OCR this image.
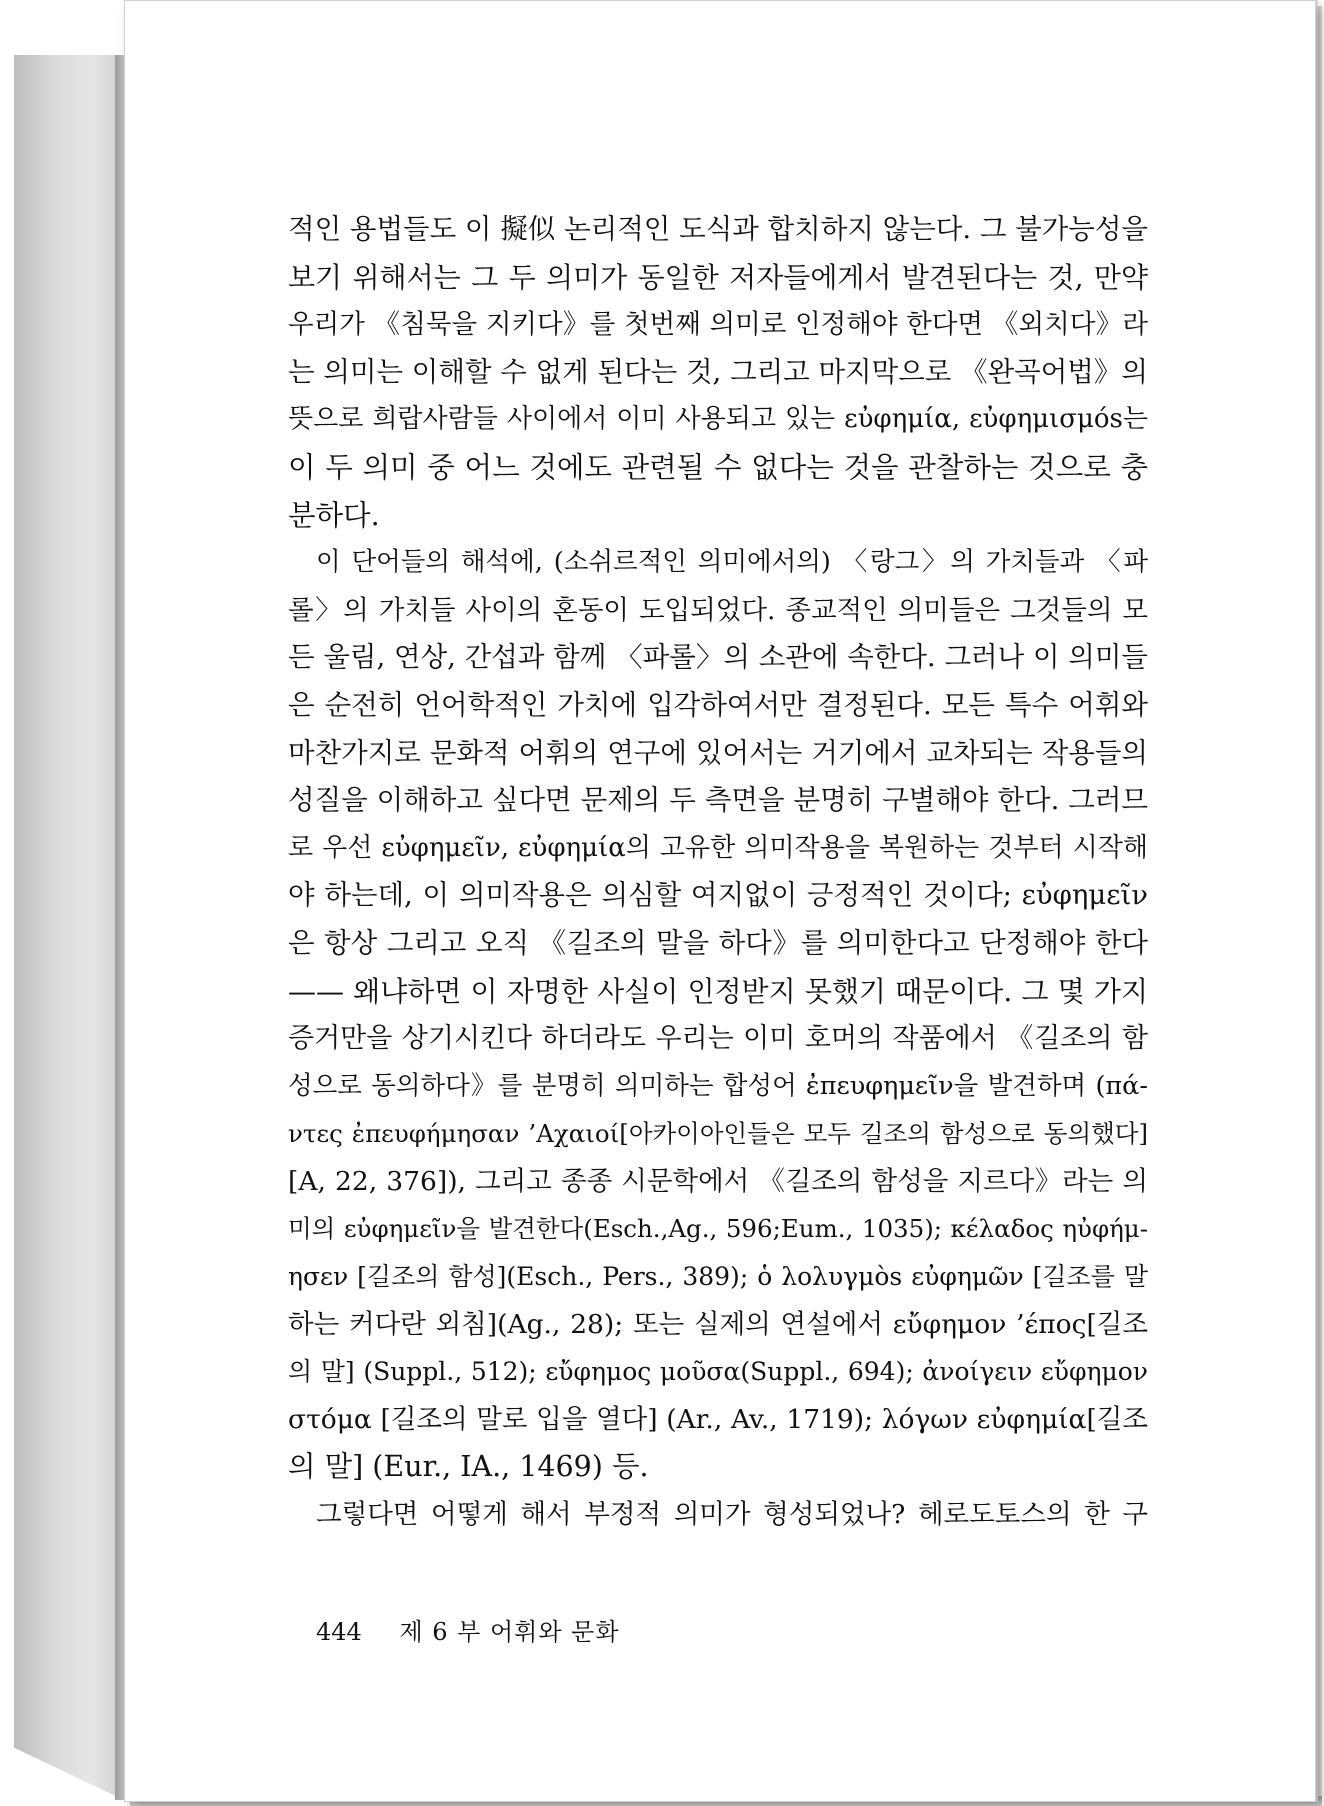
적인 용법들도 이 擬似 논리적인 도식과 합치하지 않는다. 그 불가능성을
보기 위해서는 그 두 의미가 동일한 저자들에게서 발견된다는 것, 만약
우리가 《침묵을 지키다》를 첫번째 의미로 인정해야 한다면 《외치다》라
는 의미는 이해할 수 없게 된다는 것, 그리고 마지막으로 《완곡어법》의
뜻으로 희랍사람들 사이에서 이미 사용되고 있는 εὐφημία, εὐφημισμόs는
이 두 의미 중 어느 것에도 관련될 수 없다는 것을 관찰하는 것으로 충
분하다.
이 단어들의 해석에, (소쉬르적인 의미에서의) 〈랑그〉의 가치들과 〈파
롤〉의 가치들 사이의 혼동이 도입되었다. 종교적인 의미들은 그것들의 모
든 울림, 연상, 간섭과 함께 〈파롤〉의 소관에 속한다. 그러나 이 의미들
은 순전히 언어학적인 가치에 입각하여서만 결정된다. 모든 특수 어휘와
마찬가지로 문화적 어휘의 연구에 있어서는 거기에서 교차되는 작용들의
성질을 이해하고 싶다면 문제의 두 측면을 분명히 구별해야 한다. 그러므
로 우선 εὐφημεῖν, εὐφημία의 고유한 의미작용을 복원하는 것부터 시작해
야 하는데, 이 의미작용은 의심할 여지없이 긍정적인 것이다; εὐφημεῖν
은 항상 그리고 오직 《길조의 말을 하다》를 의미한다고 단정해야 한다
—— 왜냐하면 이 자명한 사실이 인정받지 못했기 때문이다. 그 몇 가지
증거만을 상기시킨다 하더라도 우리는 이미 호머의 작품에서 《길조의 함
성으로 동의하다》를 분명히 의미하는 합성어 ἐπευφημεῖν을 발견하며 (πά-
ντες ἐπευφήμησαν ’Αχαιοί[아카이아인들은 모두 길조의 함성으로 동의했다]
[A, 22, 376]), 그리고 종종 시문학에서 《길조의 함성을 지르다》라는 의
미의 εὐφημεῖν을 발견한다(Esch.,Ag., 596;Eum., 1035); κέλαδος ηὐφήμ-
ησεν [길조의 함성](Esch., Pers., 389); ὁ λολυγμὸs εὐφημῶν [길조를 말
하는 커다란 외침](Ag., 28); 또는 실제의 연설에서 εὔφημον ’έπος[길조
의 말] (Suppl., 512); εὔφημος μοῦσα(Suppl., 694); ἀνοίγειν εὔφημον
στόμα [길조의 말로 입을 열다] (Ar., Av., 1719); λόγων εὐφημία[길조
의 말] (Eur., IA., 1469) 등.
그렇다면 어떻게 해서 부정적 의미가 형성되었나? 헤로도토스의 한 구
444 제 6 부 어휘와 문화
